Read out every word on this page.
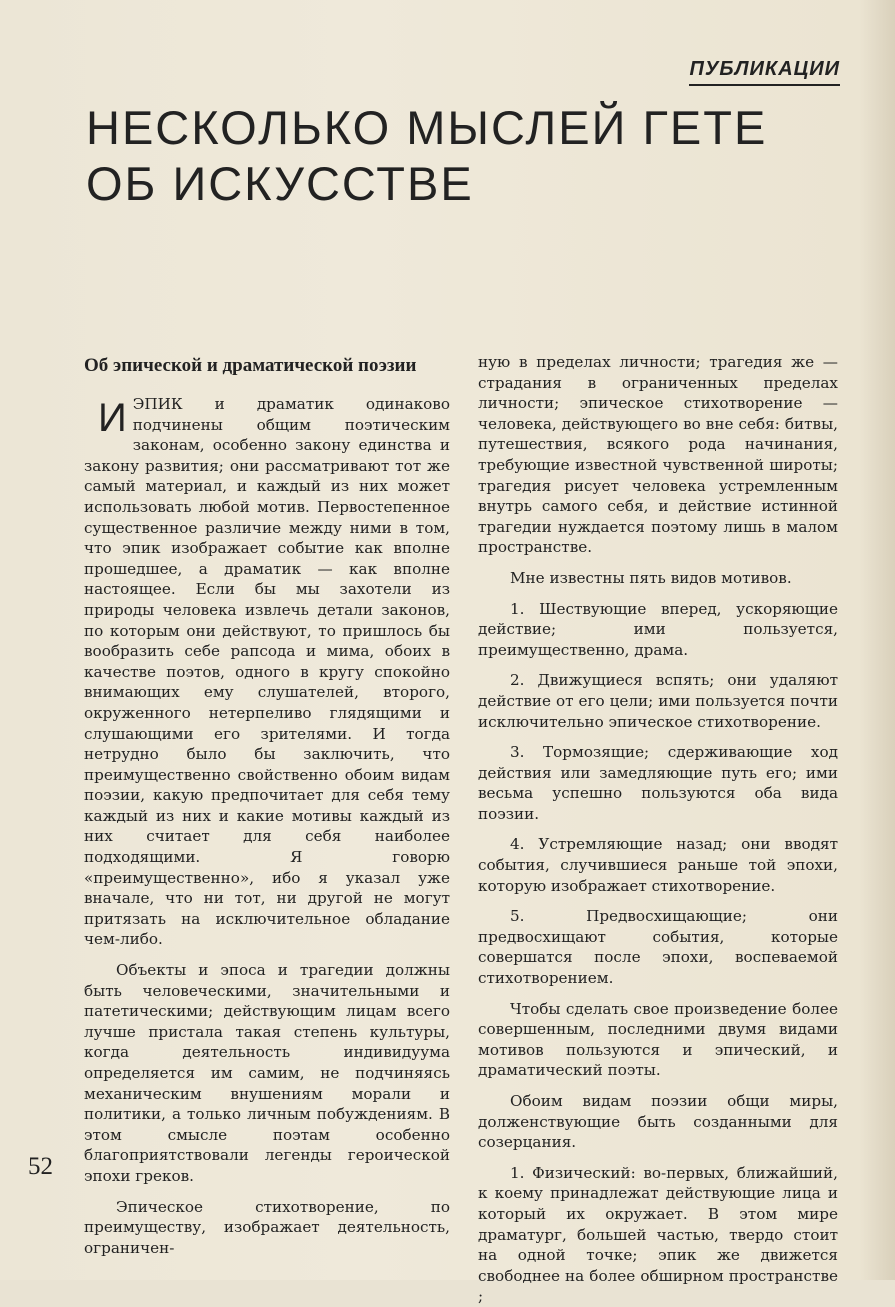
ПУБЛИКАЦИИ
НЕСКОЛЬКО МЫСЛЕЙ ГЕТЕ ОБ ИСКУССТВЕ
Об эпической и драматической поэзии

ИЭПИК и драматик одинаково подчинены общим поэтическим законам, особенно закону единства и закону развития; они рассматривают тот же самый материал, и каждый из них может использовать любой мотив. Первостепенное существенное различие между ними в том, что эпик изображает событие как вполне прошедшее, а драматик — как вполне настоящее. Если бы мы захотели из природы человека извлечь детали законов, по которым они действуют, то пришлось бы вообразить себе рапсода и мима, обоих в качестве поэтов, одного в кругу спокойно внимающих ему слушателей, второго, окруженного нетерпеливо глядящими и слушающими его зрителями. И тогда нетрудно было бы заключить, что преимущественно свойственно обоим видам поэзии, какую предпочитает для себя тему каждый из них и какие мотивы каждый из них считает для себя наиболее подходящими. Я говорю «преимущественно», ибо я указал уже вначале, что ни тот, ни другой не могут притязать на исключительное обладание чем-либо.

Объекты и эпоса и трагедии должны быть человеческими, значительными и патетическими; действующим лицам всего лучше пристала такая степень культуры, когда деятельность индивидуума определяется им самим, не подчиняясь механическим внушениям морали и политики, а только личным побуждениям. В этом смысле поэтам особенно благоприятствовали легенды героической эпохи греков.

Эпическое стихотворение, по преимуществу, изображает деятельность, ограничен-

ную в пределах личности; трагедия же — страдания в ограниченных пределах личности; эпическое стихотворение — человека, действующего во вне себя: битвы, путешествия, всякого рода начинания, требующие известной чувственной широты; трагедия рисует человека устремленным внутрь самого себя, и действие истинной трагедии нуждается поэтому лишь в малом пространстве.

Мне известны пять видов мотивов.

1. Шествующие вперед, ускоряющие действие; ими пользуется, преимущественно, драма.

2. Движущиеся вспять; они удаляют действие от его цели; ими пользуется почти исключительно эпическое стихотворение.

3. Тормозящие; сдерживающие ход действия или замедляющие путь его; ими весьма успешно пользуются оба вида поэзии.

4. Устремляющие назад; они вводят события, случившиеся раньше той эпохи, которую изображает стихотворение.

5. Предвосхищающие; они предвосхищают события, которые совершатся после эпохи, воспеваемой стихотворением.

Чтобы сделать свое произведение более совершенным, последними двумя видами мотивов пользуются и эпический, и драматический поэты.

Обоим видам поэзии общи миры, долженствующие быть созданными для созерцания.

1. Физический: во-первых, ближайший, к коему принадлежат действующие лица и который их окружает. В этом мире драматург, большей частью, твердо стоит на одной точке; эпик же движется свободнее на более обширном пространстве ;

52
